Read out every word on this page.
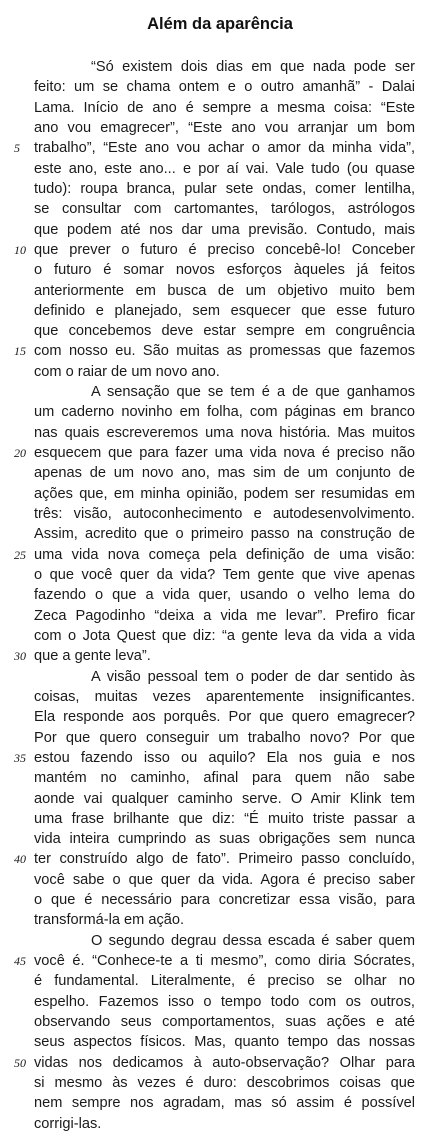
Além da aparência
“Só existem dois dias em que nada pode ser
feito: um se chama ontem e o outro amanhã” - Dalai
Lama. Início de ano é sempre a mesma coisa: “Este
ano vou emagrecer”, “Este ano vou arranjar um bom
trabalho”, “Este ano vou achar o amor da minha vida”,
5
este ano, este ano... e por aí vai. Vale tudo (ou quase
tudo): roupa branca, pular sete ondas, comer lentilha,
se consultar com cartomantes, tarólogos, astrólogos
que podem até nos dar uma previsão. Contudo, mais
que prever o futuro é preciso concebê-lo! Conceber
10
o futuro é somar novos esforços àqueles já feitos
anteriormente em busca de um objetivo muito bem
definido e planejado, sem esquecer que esse futuro
que concebemos deve estar sempre em congruência
com nosso eu. São muitas as promessas que fazemos
15
com o raiar de um novo ano.
A sensação que se tem é a de que ganhamos
um caderno novinho em folha, com páginas em branco
nas quais escreveremos uma nova história. Mas muitos
esquecem que para fazer uma vida nova é preciso não
20
apenas de um novo ano, mas sim de um conjunto de
ações que, em minha opinião, podem ser resumidas em
três: visão, autoconhecimento e autodesenvolvimento.
Assim, acredito que o primeiro passo na construção de
uma vida nova começa pela definição de uma visão:
25
o que você quer da vida? Tem gente que vive apenas
fazendo o que a vida quer, usando o velho lema do
Zeca Pagodinho “deixa a vida me levar”. Prefiro ficar
com o Jota Quest que diz: “a gente leva da vida a vida
que a gente leva”.
30
A visão pessoal tem o poder de dar sentido às
coisas, muitas vezes aparentemente insignificantes.
Ela responde aos porquês. Por que quero emagrecer?
Por que quero conseguir um trabalho novo? Por que
estou fazendo isso ou aquilo? Ela nos guia e nos
35
mantém no caminho, afinal para quem não sabe
aonde vai qualquer caminho serve. O Amir Klink tem
uma frase brilhante que diz: “É muito triste passar a
vida inteira cumprindo as suas obrigações sem nunca
ter construído algo de fato”. Primeiro passo concluído,
40
você sabe o que quer da vida. Agora é preciso saber
o que é necessário para concretizar essa visão, para
transformá-la em ação.
O segundo degrau dessa escada é saber quem
você é. “Conhece-te a ti mesmo”, como diria Sócrates,
45
é fundamental. Literalmente, é preciso se olhar no
espelho. Fazemos isso o tempo todo com os outros,
observando seus comportamentos, suas ações e até
seus aspectos físicos. Mas, quanto tempo das nossas
vidas nos dedicamos à auto-observação? Olhar para
50
si mesmo às vezes é duro: descobrimos coisas que
nem sempre nos agradam, mas só assim é possível
corrigi-las.
